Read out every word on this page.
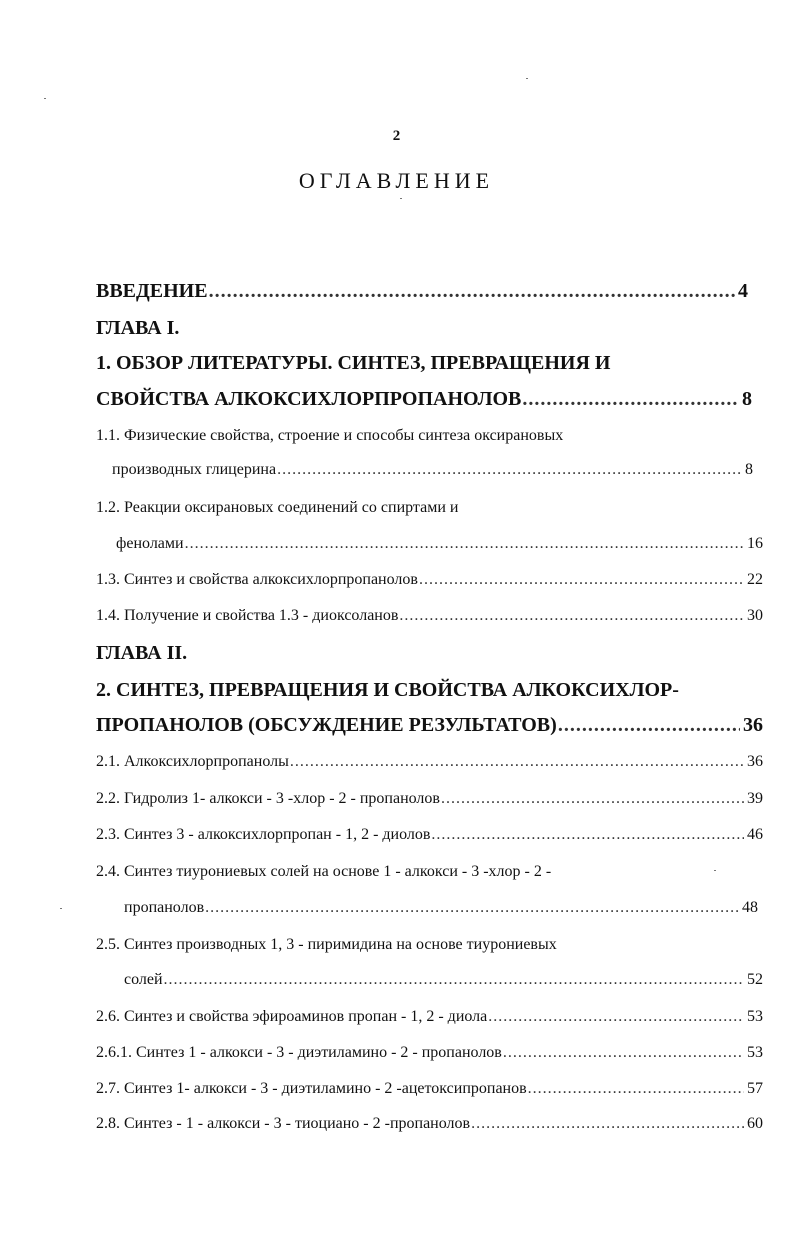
2
ОГЛАВЛЕНИЕ
ВВЕДЕНИЕ .....	4
ГЛАВА I.
1. ОБЗОР ЛИТЕРАТУРЫ. СИНТЕЗ, ПРЕВРАЩЕНИЯ И
СВОЙСТВА АЛКОКСИХЛОРПРОПАНОЛОВ .....	8
1.1. Физические свойства, строение и способы синтеза оксирановых
производных глицерина .....	8
1.2. Реакции оксирановых соединений со спиртами и
фенолами .....	16
1.3. Синтез и свойства алкоксихлорпропанолов .....	22
1.4. Получение и свойства 1.3 - диоксоланов .....	30
ГЛАВА II.
2. СИНТЕЗ, ПРЕВРАЩЕНИЯ И СВОЙСТВА АЛКОКСИХЛОР-
ПРОПАНОЛОВ (ОБСУЖДЕНИЕ РЕЗУЛЬТАТОВ) .....	36
2.1. Алкоксихлорпропанолы .....	36
2.2. Гидролиз 1- алкокси - 3 -хлор - 2 - пропанолов .....	39
2.3. Синтез 3 - алкоксихлорпропан - 1, 2 - диолов .....	46
2.4. Синтез тиурониевых солей на основе 1 - алкокси - 3 -хлор - 2 -
пропанолов .....	48
2.5. Синтез производных 1, 3 - пиримидина на основе тиурониевых
солей .....	52
2.6. Синтез и свойства эфироаминов пропан - 1, 2 - диола .....	53
2.6.1. Синтез 1 - алкокси - 3 - диэтиламино - 2 - пропанолов .....	53
2.7. Синтез 1- алкокси - 3 - диэтиламино - 2 -ацетоксипропанов .....	57
2.8. Синтез - 1 - алкокси - 3 - тиоциано - 2 -пропанолов .....	60
